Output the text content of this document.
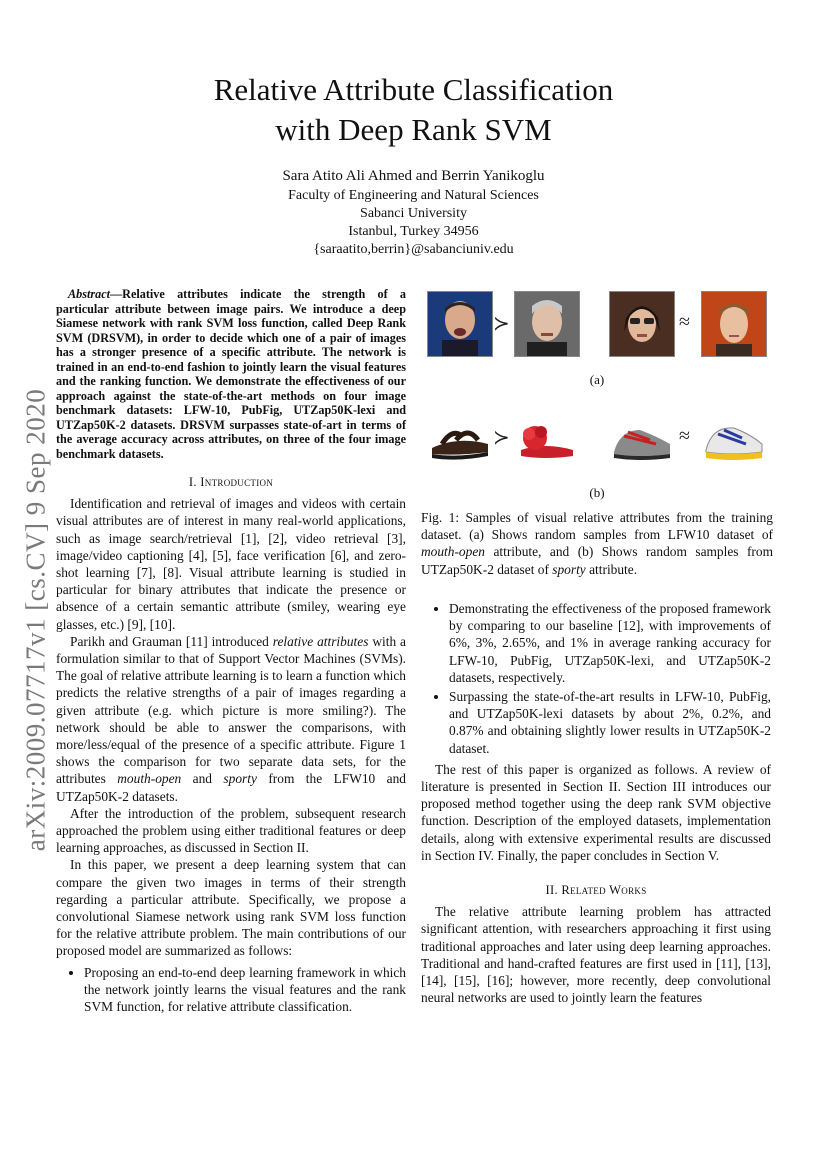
arXiv:2009.07717v1 [cs.CV] 9 Sep 2020
Relative Attribute Classification
with Deep Rank SVM
Sara Atito Ali Ahmed and Berrin Yanikoglu
Faculty of Engineering and Natural Sciences
Sabanci University
Istanbul, Turkey 34956
{saraatito,berrin}@sabanciuniv.edu
Abstract—Relative attributes indicate the strength of a particular attribute between image pairs. We introduce a deep Siamese network with rank SVM loss function, called Deep Rank SVM (DRSVM), in order to decide which one of a pair of images has a stronger presence of a specific attribute. The network is trained in an end-to-end fashion to jointly learn the visual features and the ranking function. We demonstrate the effectiveness of our approach against the state-of-the-art methods on four image benchmark datasets: LFW-10, PubFig, UTZap50K-lexi and UTZap50K-2 datasets. DRSVM surpasses state-of-art in terms of the average accuracy across attributes, on three of the four image benchmark datasets.
I. Introduction

Identification and retrieval of images and videos with certain visual attributes are of interest in many real-world applications, such as image search/retrieval [1], [2], video retrieval [3], image/video captioning [4], [5], face verification [6], and zero-shot learning [7], [8]. Visual attribute learning is studied in particular for binary attributes that indicate the presence or absence of a certain semantic attribute (smiley, wearing eye glasses, etc.) [9], [10].

Parikh and Grauman [11] introduced relative attributes with a formulation similar to that of Support Vector Machines (SVMs). The goal of relative attribute learning is to learn a function which predicts the relative strengths of a pair of images regarding a given attribute (e.g. which picture is more smiling?). The network should be able to answer the comparisons, with more/less/equal of the presence of a specific attribute. Figure 1 shows the comparison for two separate data sets, for the attributes mouth-open and sporty from the LFW10 and UTZap50K-2 datasets.

After the introduction of the problem, subsequent research approached the problem using either traditional features or deep learning approaches, as discussed in Section II.

In this paper, we present a deep learning system that can compare the given two images in terms of their strength regarding a particular attribute. Specifically, we propose a convolutional Siamese network using rank SVM loss function for the relative attribute problem. The main contributions of our proposed model are summarized as follows:

• Proposing an end-to-end deep learning framework in which the network jointly learns the visual features and the rank SVM function, for relative attribute classification.
≻	≈
(a)
≻	≈
(b)
Fig. 1: Samples of visual relative attributes from the training dataset. (a) Shows random samples from LFW10 dataset of mouth-open attribute, and (b) Shows random samples from UTZap50K-2 dataset of sporty attribute.
• Demonstrating the effectiveness of the proposed framework by comparing to our baseline [12], with improvements of 6%, 3%, 2.65%, and 1% in average ranking accuracy for LFW-10, PubFig, UTZap50K-lexi, and UTZap50K-2 datasets, respectively.
• Surpassing the state-of-the-art results in LFW-10, PubFig, and UTZap50K-lexi datasets by about 2%, 0.2%, and 0.87% and obtaining slightly lower results in UTZap50K-2 dataset.

The rest of this paper is organized as follows. A review of literature is presented in Section II. Section III introduces our proposed method together using the deep rank SVM objective function. Description of the employed datasets, implementation details, along with extensive experimental results are discussed in Section IV. Finally, the paper concludes in Section V.

II. Related Works

The relative attribute learning problem has attracted significant attention, with researchers approaching it first using traditional approaches and later using deep learning approaches. Traditional and hand-crafted features are first used in [11], [13], [14], [15], [16]; however, more recently, deep convolutional neural networks are used to jointly learn the features
